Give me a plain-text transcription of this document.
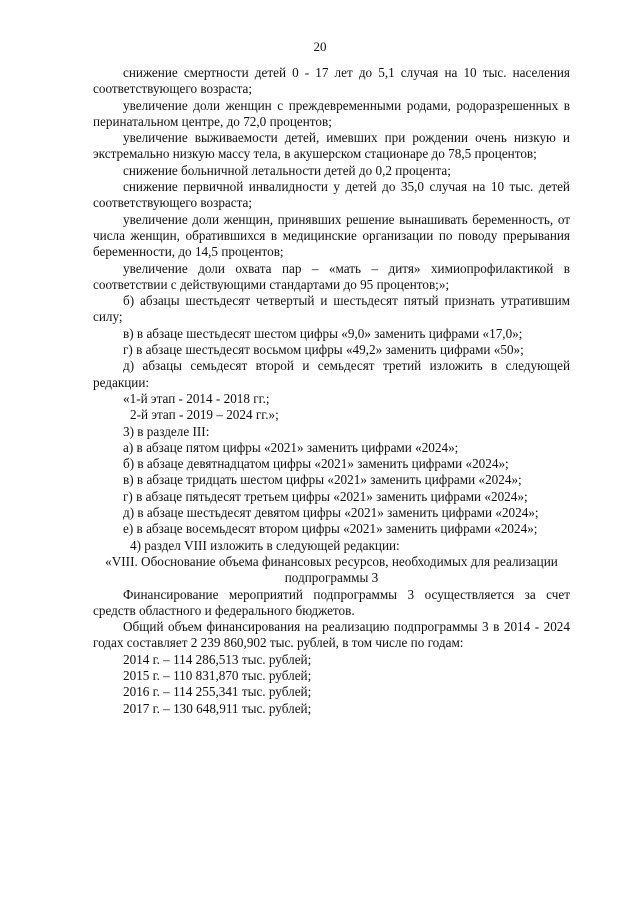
20

снижение смертности детей 0 - 17 лет до 5,1 случая на 10 тыс. населения соответствующего возраста;

увеличение доли женщин с преждевременными родами, родоразрешенных в перинатальном центре, до 72,0 процентов;

увеличение выживаемости детей, имевших при рождении очень низкую и экстремально низкую массу тела, в акушерском стационаре до 78,5 процентов;

снижение больничной летальности детей до 0,2 процента;

снижение первичной инвалидности у детей до 35,0 случая на 10 тыс. детей соответствующего возраста;

увеличение доли женщин, принявших решение вынашивать беременность, от числа женщин, обратившихся в медицинские организации по поводу прерывания беременности, до 14,5 процентов;

увеличение доли охвата пар – «мать – дитя» химиопрофилактикой в соответствии с действующими стандартами до 95 процентов;»;

б) абзацы шестьдесят четвертый и шестьдесят пятый признать утратившим силу;

в) в абзаце шестьдесят шестом цифры «9,0» заменить цифрами «17,0»;

г) в абзаце шестьдесят восьмом цифры «49,2» заменить цифрами «50»;

д) абзацы семьдесят второй и семьдесят третий изложить в следующей редакции:

«1-й этап - 2014 - 2018 гг.;

2-й этап - 2019 – 2024 гг.»;

3) в разделе III:

а) в абзаце пятом цифры «2021» заменить цифрами «2024»;

б) в абзаце девятнадцатом цифры «2021» заменить цифрами «2024»;

в) в абзаце тридцать шестом цифры «2021» заменить цифрами «2024»;

г) в абзаце пятьдесят третьем цифры «2021» заменить цифрами «2024»;

д) в абзаце шестьдесят девятом цифры «2021» заменить цифрами «2024»;

е) в абзаце восемьдесят втором цифры «2021» заменить цифрами «2024»;

4) раздел VIII изложить в следующей редакции:

«VIII. Обоснование объема финансовых ресурсов, необходимых для реализации подпрограммы 3

Финансирование мероприятий подпрограммы 3 осуществляется за счет средств областного и федерального бюджетов.

Общий объем финансирования на реализацию подпрограммы 3 в 2014 - 2024 годах составляет 2 239 860,902 тыс. рублей, в том числе по годам:

2014 г. – 114 286,513 тыс. рублей;

2015 г. – 110 831,870 тыс. рублей;

2016 г. – 114 255,341 тыс. рублей;

2017 г. – 130 648,911 тыс. рублей;
